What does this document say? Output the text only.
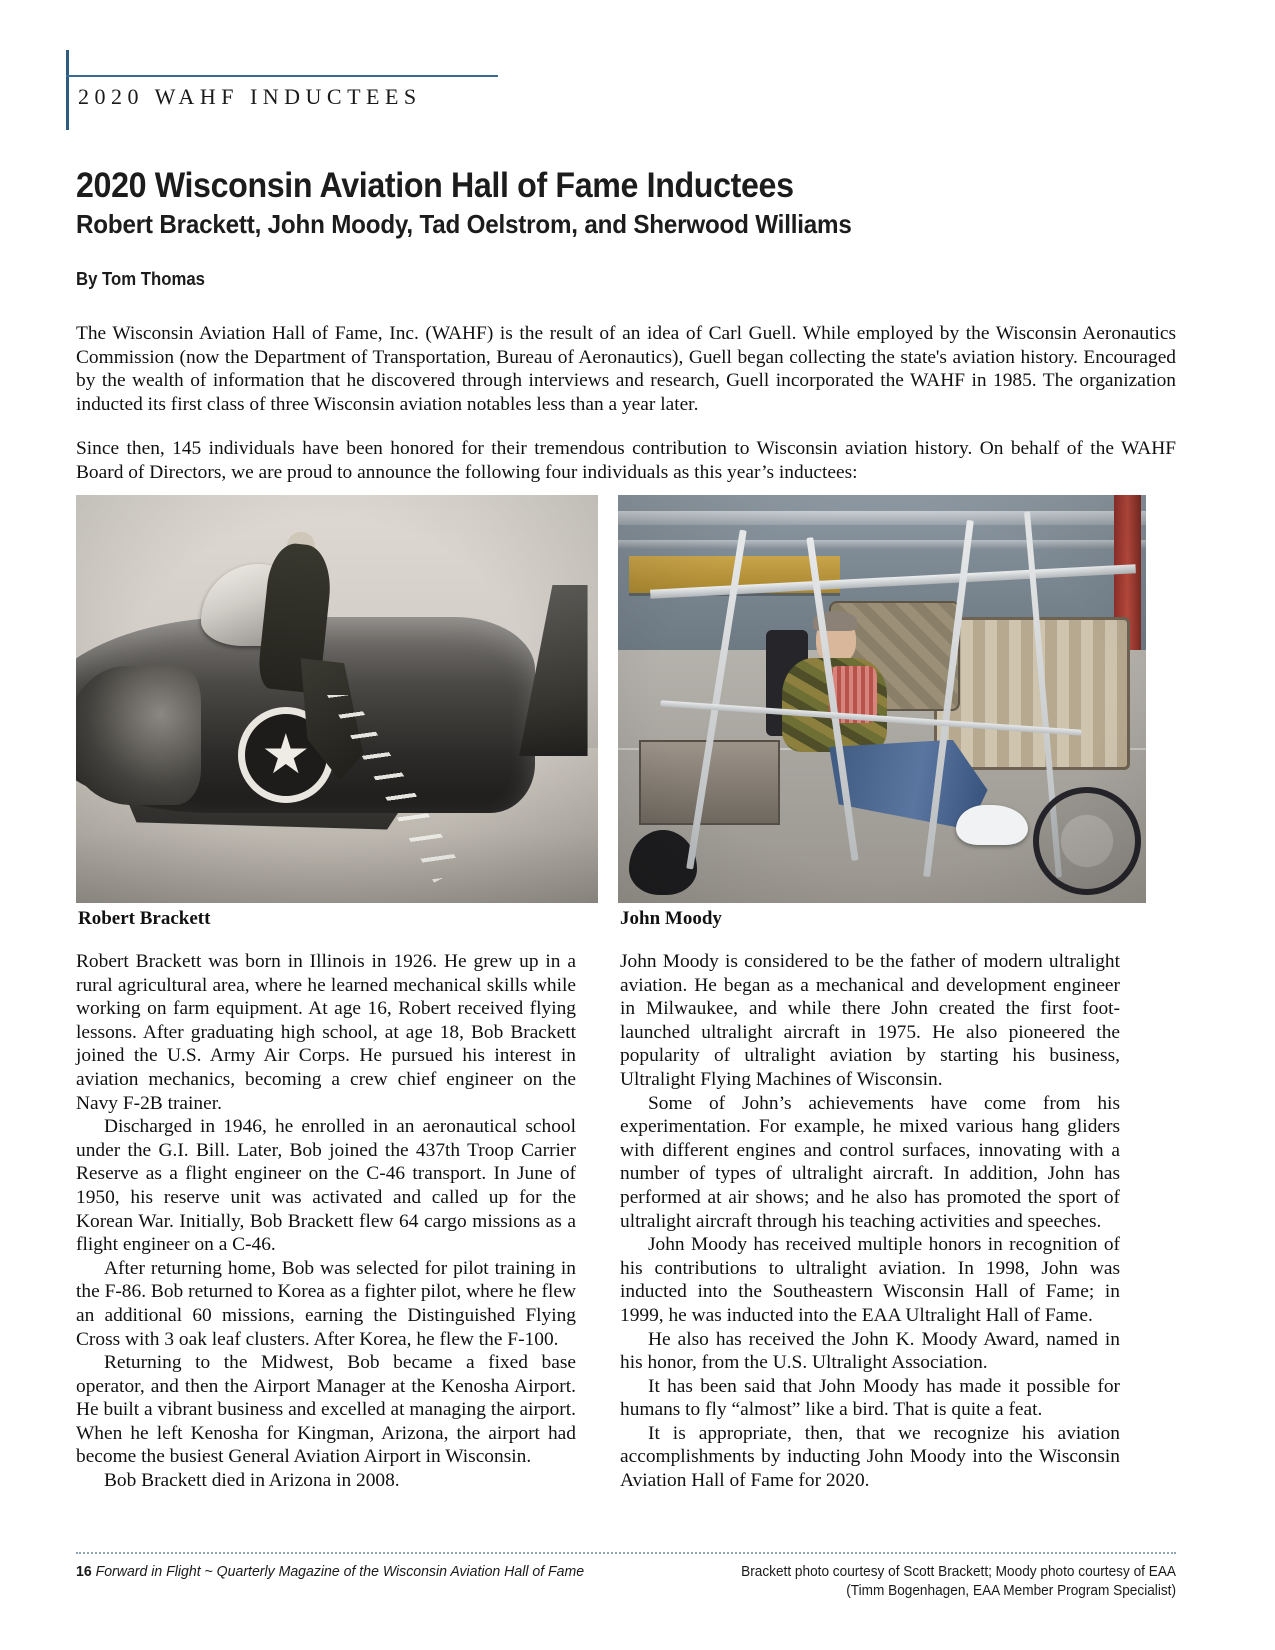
2020 WAHF INDUCTEES
2020 Wisconsin Aviation Hall of Fame Inductees
Robert Brackett, John Moody, Tad Oelstrom, and Sherwood Williams
By Tom Thomas
The Wisconsin Aviation Hall of Fame, Inc. (WAHF) is the result of an idea of Carl Guell. While employed by the Wisconsin Aeronautics Commission (now the Department of Transportation, Bureau of Aeronautics), Guell began collecting the state's aviation history. Encouraged by the wealth of information that he discovered through interviews and research, Guell incorporated the WAHF in 1985. The organization inducted its first class of three Wisconsin aviation notables less than a year later.
Since then, 145 individuals have been honored for their tremendous contribution to Wisconsin aviation history. On behalf of the WAHF Board of Directors, we are proud to announce the following four individuals as this year’s inductees:
Robert Brackett	John Moody

Robert Brackett was born in Illinois in 1926. He grew up in a rural agricultural area, where he learned mechanical skills while working on farm equipment. At age 16, Robert received flying lessons. After graduating high school, at age 18, Bob Brackett joined the U.S. Army Air Corps. He pursued his interest in aviation mechanics, becoming a crew chief engineer on the Navy F-2B trainer.

Discharged in 1946, he enrolled in an aeronautical school under the G.I. Bill. Later, Bob joined the 437th Troop Carrier Reserve as a flight engineer on the C-46 transport. In June of 1950, his reserve unit was activated and called up for the Korean War. Initially, Bob Brackett flew 64 cargo missions as a flight engineer on a C-46.

After returning home, Bob was selected for pilot training in the F-86. Bob returned to Korea as a fighter pilot, where he flew an additional 60 missions, earning the Distinguished Flying Cross with 3 oak leaf clusters. After Korea, he flew the F-100.

Returning to the Midwest, Bob became a fixed base operator, and then the Airport Manager at the Kenosha Airport. He built a vibrant business and excelled at managing the airport. When he left Kenosha for Kingman, Arizona, the airport had become the busiest General Aviation Airport in Wisconsin.

Bob Brackett died in Arizona in 2008.

John Moody is considered to be the father of modern ultralight aviation. He began as a mechanical and development engineer in Milwaukee, and while there John created the first foot-launched ultralight aircraft in 1975. He also pioneered the popularity of ultralight aviation by starting his business, Ultralight Flying Machines of Wisconsin.

Some of John’s achievements have come from his experimentation. For example, he mixed various hang gliders with different engines and control surfaces, innovating with a number of types of ultralight aircraft. In addition, John has performed at air shows; and he also has promoted the sport of ultralight aircraft through his teaching activities and speeches.

John Moody has received multiple honors in recognition of his contributions to ultralight aviation. In 1998, John was inducted into the Southeastern Wisconsin Hall of Fame; in 1999, he was inducted into the EAA Ultralight Hall of Fame.

He also has received the John K. Moody Award, named in his honor, from the U.S. Ultralight Association.

It has been said that John Moody has made it possible for humans to fly “almost” like a bird. That is quite a feat.

It is appropriate, then, that we recognize his aviation accomplishments by inducting John Moody into the Wisconsin Aviation Hall of Fame for 2020.

16 Forward in Flight ~ Quarterly Magazine of the Wisconsin Aviation Hall of Fame	Brackett photo courtesy of Scott Brackett; Moody photo courtesy of EAA
(Timm Bogenhagen, EAA Member Program Specialist)
